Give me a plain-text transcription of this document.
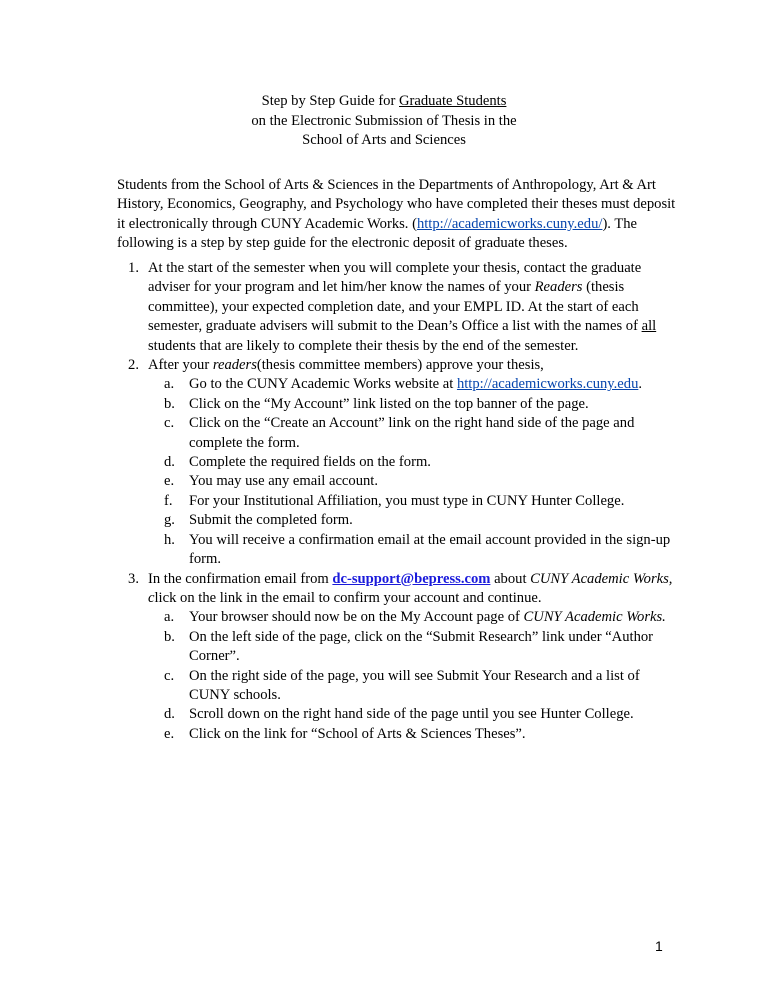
Step by Step Guide for Graduate Students
on the Electronic Submission of Thesis in the
School of Arts and Sciences
Students from the School of Arts & Sciences in the Departments of Anthropology, Art & Art History, Economics, Geography, and Psychology who have completed their theses must deposit it electronically through CUNY Academic Works. (http://academicworks.cuny.edu/). The following is a step by step guide for the electronic deposit of graduate theses.
1. At the start of the semester when you will complete your thesis, contact the graduate adviser for your program and let him/her know the names of your Readers (thesis committee), your expected completion date, and your EMPL ID. At the start of each semester, graduate advisers will submit to the Dean’s Office a list with the names of all students that are likely to complete their thesis by the end of the semester.
2. After your readers(thesis committee members) approve your thesis,
a. Go to the CUNY Academic Works website at http://academicworks.cuny.edu.
b. Click on the “My Account” link listed on the top banner of the page.
c. Click on the “Create an Account” link on the right hand side of the page and complete the form.
d. Complete the required fields on the form.
e. You may use any email account.
f. For your Institutional Affiliation, you must type in CUNY Hunter College.
g. Submit the completed form.
h. You will receive a confirmation email at the email account provided in the sign-up form.
3. In the confirmation email from dc-support@bepress.com about CUNY Academic Works, click on the link in the email to confirm your account and continue.
a. Your browser should now be on the My Account page of CUNY Academic Works.
b. On the left side of the page, click on the “Submit Research” link under “Author Corner”.
c. On the right side of the page, you will see Submit Your Research and a list of CUNY schools.
d. Scroll down on the right hand side of the page until you see Hunter College.
e. Click on the link for “School of Arts & Sciences Theses”.
1
